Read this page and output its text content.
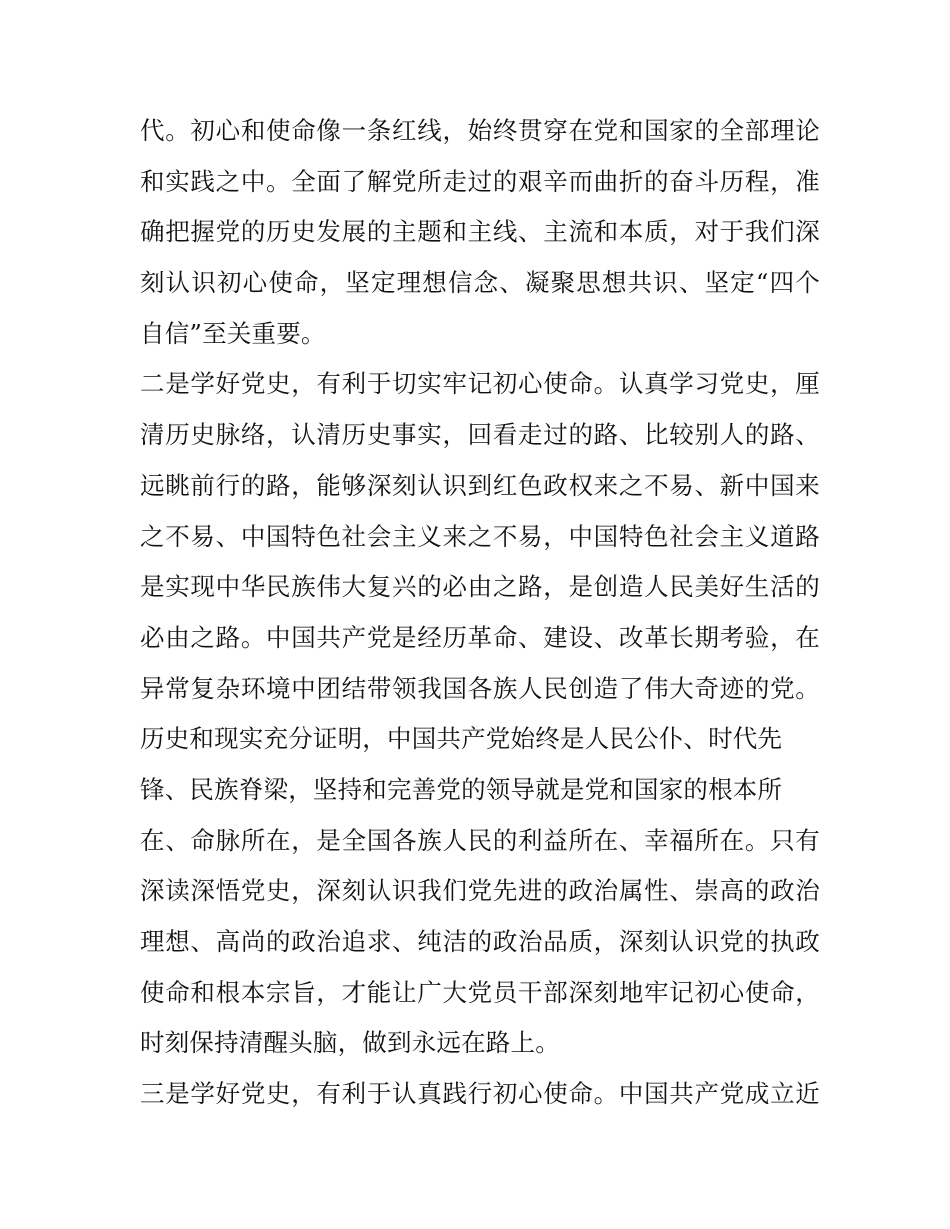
代。初心和使命像一条红线，始终贯穿在党和国家的全部理论
和实践之中。全面了解党所走过的艰辛而曲折的奋斗历程，准
确把握党的历史发展的主题和主线、主流和本质，对于我们深
刻认识初心使命，坚定理想信念、凝聚思想共识、坚定“四个
自信”至关重要。
二是学好党史，有利于切实牢记初心使命。认真学习党史，厘
清历史脉络，认清历史事实，回看走过的路、比较别人的路、
远眺前行的路，能够深刻认识到红色政权来之不易、新中国来
之不易、中国特色社会主义来之不易，中国特色社会主义道路
是实现中华民族伟大复兴的必由之路，是创造人民美好生活的
必由之路。中国共产党是经历革命、建设、改革长期考验，在
异常复杂环境中团结带领我国各族人民创造了伟大奇迹的党。
历史和现实充分证明，中国共产党始终是人民公仆、时代先
锋、民族脊梁，坚持和完善党的领导就是党和国家的根本所
在、命脉所在，是全国各族人民的利益所在、幸福所在。只有
深读深悟党史，深刻认识我们党先进的政治属性、崇高的政治
理想、高尚的政治追求、纯洁的政治品质，深刻认识党的执政
使命和根本宗旨，才能让广大党员干部深刻地牢记初心使命，
时刻保持清醒头脑，做到永远在路上。
三是学好党史，有利于认真践行初心使命。中国共产党成立近
